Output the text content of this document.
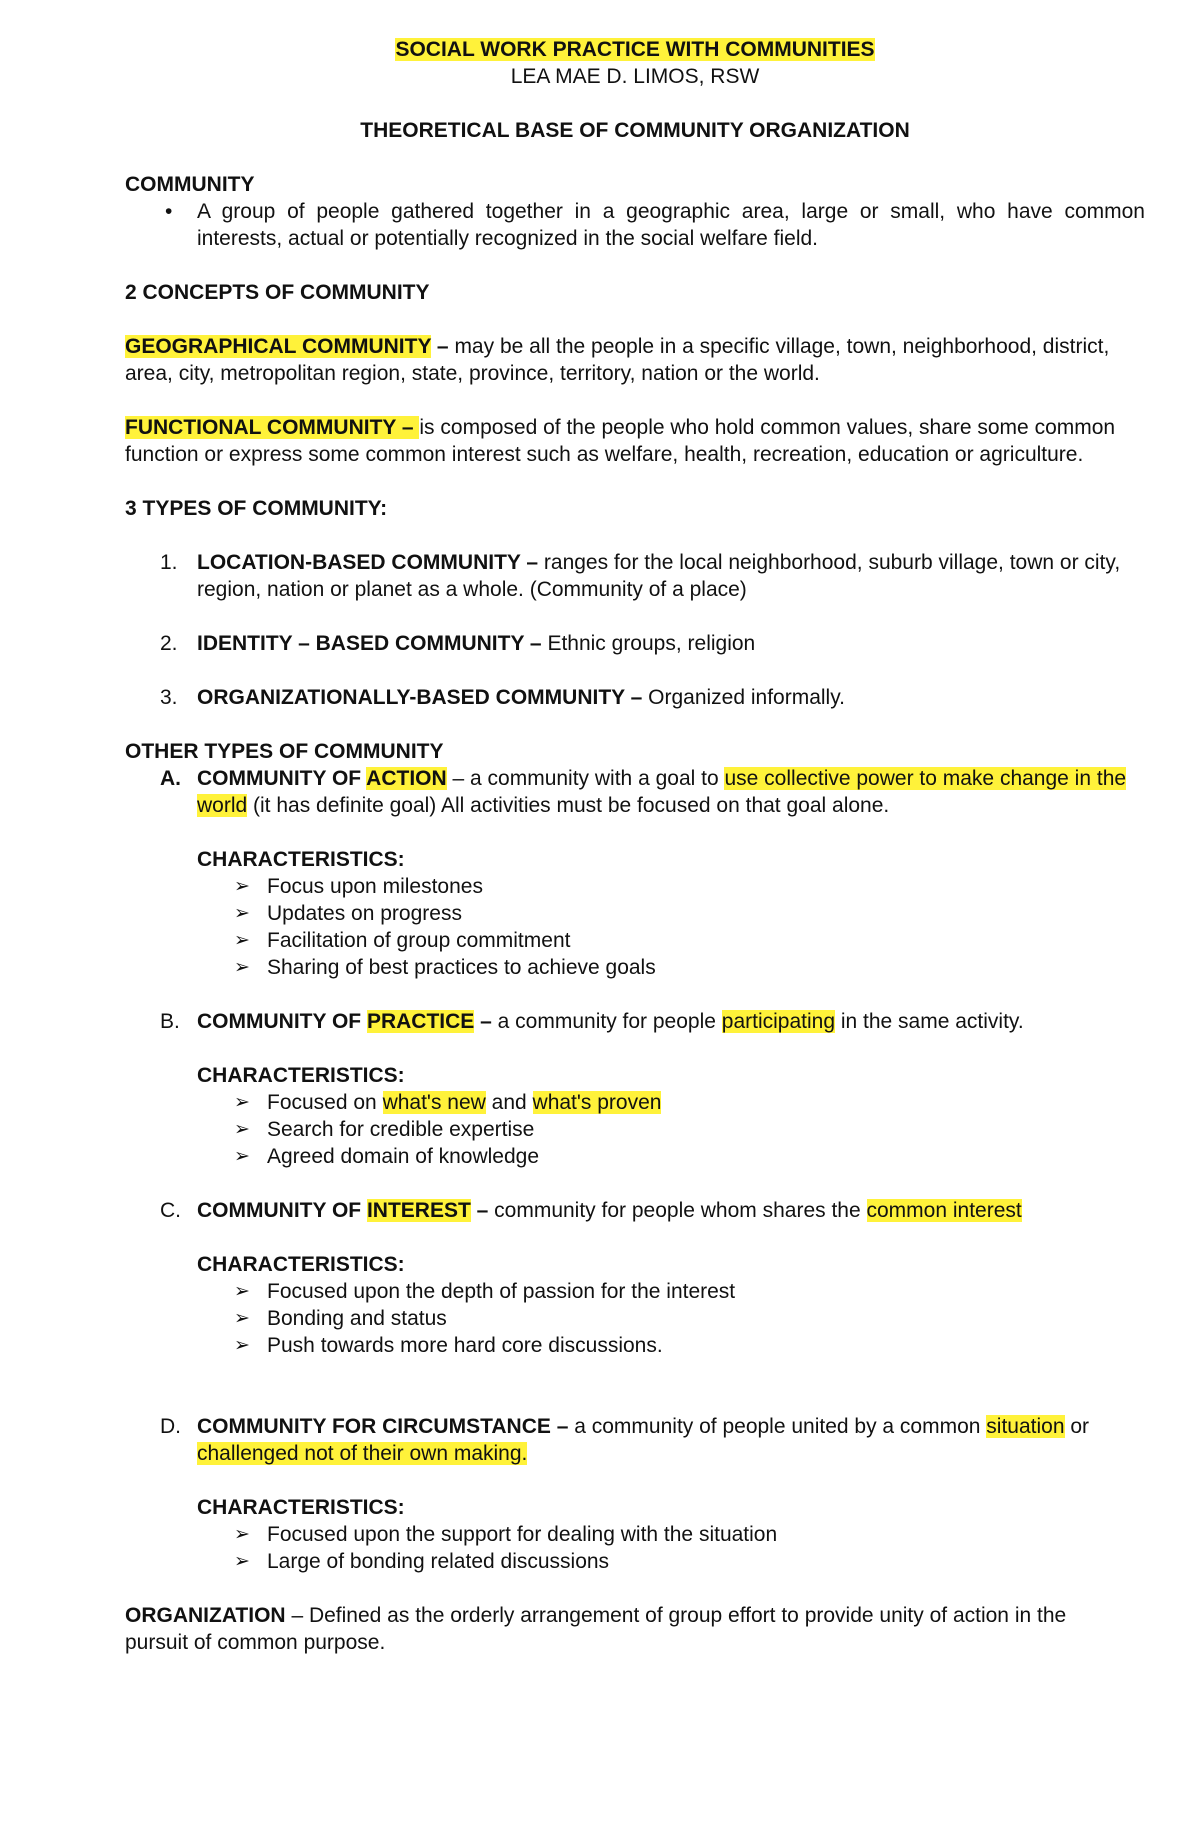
SOCIAL WORK PRACTICE WITH COMMUNITIES

LEA MAE D. LIMOS, RSW

THEORETICAL BASE OF COMMUNITY ORGANIZATION

COMMUNITY

• A group of people gathered together in a geographic area, large or small, who have common interests, actual or potentially recognized in the social welfare field.

2 CONCEPTS OF COMMUNITY

GEOGRAPHICAL COMMUNITY – may be all the people in a specific village, town, neighborhood, district, area, city, metropolitan region, state, province, territory, nation or the world.

FUNCTIONAL COMMUNITY – is composed of the people who hold common values, share some common function or express some common interest such as welfare, health, recreation, education or agriculture.

3 TYPES OF COMMUNITY:

1. LOCATION-BASED COMMUNITY – ranges for the local neighborhood, suburb village, town or city, region, nation or planet as a whole. (Community of a place)
2. IDENTITY – BASED COMMUNITY – Ethnic groups, religion
3. ORGANIZATIONALLY-BASED COMMUNITY – Organized informally.

OTHER TYPES OF COMMUNITY

A. COMMUNITY OF ACTION – a community with a goal to use collective power to make change in the world (it has definite goal) All activities must be focused on that goal alone.

CHARACTERISTICS:

➢ Focus upon milestones
➢ Updates on progress
➢ Facilitation of group commitment
➢ Sharing of best practices to achieve goals
B. COMMUNITY OF PRACTICE – a community for people participating in the same activity.

CHARACTERISTICS:

➢ Focused on what's new and what's proven
➢ Search for credible expertise
➢ Agreed domain of knowledge
C. COMMUNITY OF INTEREST – community for people whom shares the common interest

CHARACTERISTICS:

➢ Focused upon the depth of passion for the interest
➢ Bonding and status
➢ Push towards more hard core discussions.
D. COMMUNITY FOR CIRCUMSTANCE – a community of people united by a common situation or challenged not of their own making.

CHARACTERISTICS:

➢ Focused upon the support for dealing with the situation
➢ Large of bonding related discussions

ORGANIZATION – Defined as the orderly arrangement of group effort to provide unity of action in the

pursuit of common purpose.
